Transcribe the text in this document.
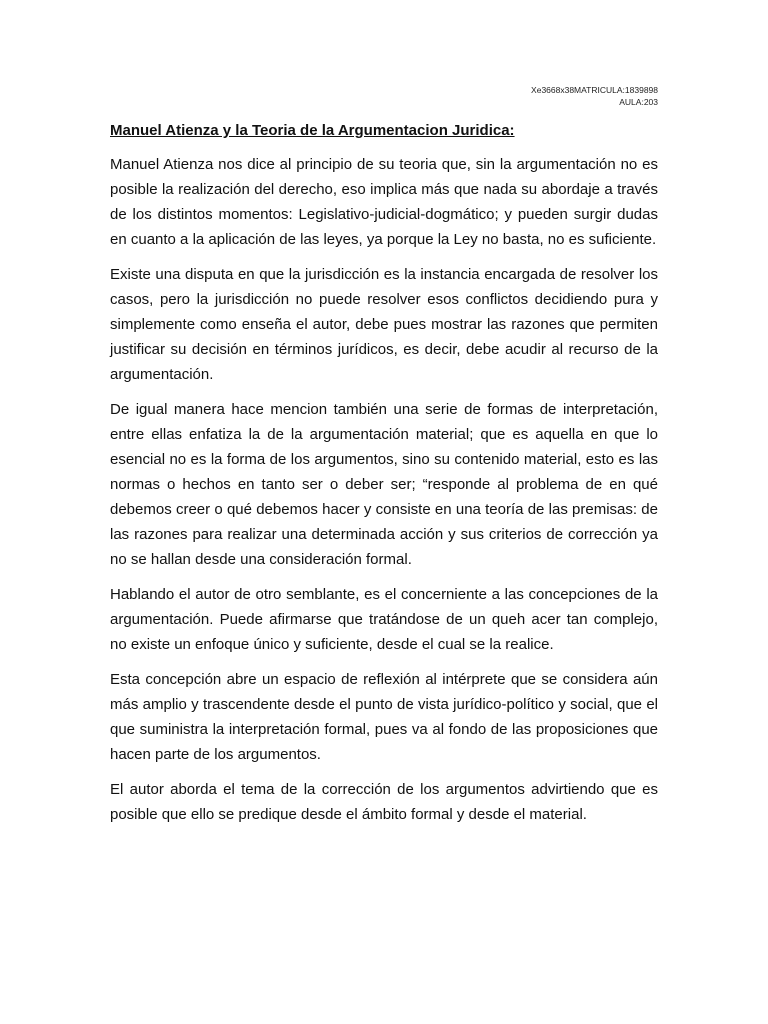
Xe3668x38MATRICULA:1839898
AULA:203
Manuel Atienza y la Teoria de la Argumentacion Juridica:

Manuel Atienza nos dice al principio de su teoria que, sin la argumentación no es posible la realización del derecho, eso implica más que nada su abordaje a través de los distintos momentos: Legislativo-judicial-dogmático; y pueden surgir dudas en cuanto a la aplicación de las leyes, ya porque la Ley no basta, no es suficiente.

Existe una disputa en que la jurisdicción es la instancia encargada de resolver los casos, pero la jurisdicción no puede resolver esos conflictos decidiendo pura y simplemente como enseña el autor, debe pues mostrar las razones que permiten justificar su decisión en términos jurídicos, es decir, debe acudir al recurso de la argumentación.

De igual manera hace mencion también una serie de formas de interpretación, entre ellas enfatiza la de la argumentación material; que es aquella en que lo esencial no es la forma de los argumentos, sino su contenido material, esto es las normas o hechos en tanto ser o deber ser; “responde al problema de en qué debemos creer o qué debemos hacer y consiste en una teoría de las premisas: de las razones para realizar una determinada acción y sus criterios de corrección ya no se hallan desde una consideración formal.

Hablando el autor de otro semblante, es el concerniente a las concepciones de la argumentación. Puede afirmarse que tratándose de un queh acer tan complejo, no existe un enfoque único y suficiente, desde el cual se la realice.

Esta concepción abre un espacio de reflexión al intérprete que se considera aún más amplio y trascendente desde el punto de vista jurídico-político y social, que el que suministra la interpretación formal, pues va al fondo de las proposiciones que hacen parte de los argumentos.

El autor aborda el tema de la corrección de los argumentos advirtiendo que es posible que ello se predique desde el ámbito formal y desde el material.
